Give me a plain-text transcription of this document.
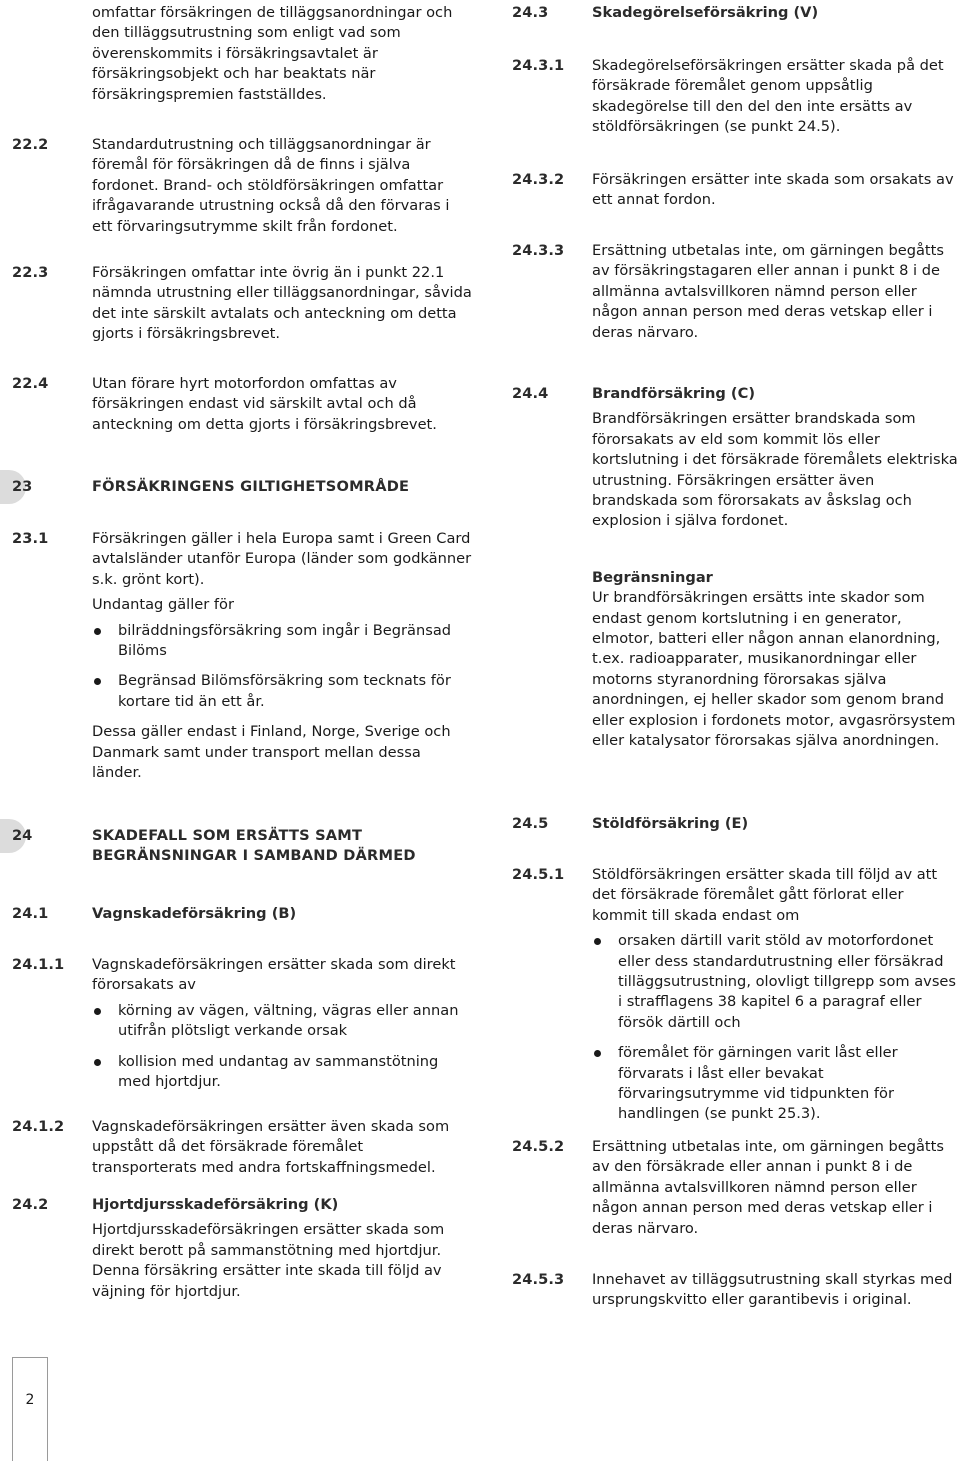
omfattar försäkringen de tilläggsanordningar och den tilläggsutrustning som enligt vad som överenskommits i försäkringsavtalet är försäkringsobjekt och har beaktats när försäkringspremien fastställdes.

22.2	Standardutrustning och tilläggsanordningar är föremål för försäkringen då de finns i själva fordonet. Brand- och stöldförsäkringen omfattar ifrågavarande utrustning också då den förvaras i ett förvaringsutrymme skilt från fordonet.

22.3	Försäkringen omfattar inte övrig än i punkt 22.1 nämnda utrustning eller tilläggsanordningar, såvida det inte särskilt avtalats och anteckning om detta gjorts i försäkringsbrevet.

22.4	Utan förare hyrt motorfordon omfattas av försäkringen endast vid särskilt avtal och då anteckning om detta gjorts i försäkringsbrevet.

23	FÖRSÄKRINGENS GILTIGHETSOMRÅDE

23.1	Försäkringen gäller i hela Europa samt i Green Card avtalsländer utanför Europa (länder som godkänner s.k. grönt kort).

Undantag gäller för

bilräddningsförsäkring som ingår i Begränsad Bilöms
Begränsad Bilömsförsäkring som tecknats för kortare tid än ett år.

Dessa gäller endast i Finland, Norge, Sverige och Danmark samt under transport mellan dessa länder.

24	SKADEFALL SOM ERSÄTTS SAMT

BEGRÄNSNINGAR I SAMBAND DÄRMED

24.1	Vagnskadeförsäkring (B)

24.1.1 Vagnskadeförsäkringen ersätter skada som direkt förorsakats av

körning av vägen, vältning, vägras eller annan utifrån plötsligt verkande orsak
kollision med undantag av sammanstötning med hjortdjur.
24.1.2 Vagnskadeförsäkringen ersätter även skada som uppstått då det försäkrade föremålet transporterats med andra fortskaffningsmedel.

24.2	Hjortdjursskadeförsäkring (K)

Hjortdjursskadeförsäkringen ersätter skada som direkt berott på sammanstötning med hjortdjur. Denna försäkring ersätter inte skada till följd av väjning för hjortdjur.

24.3	Skadegörelseförsäkring (V)

24.3.1 Skadegörelseförsäkringen ersätter skada på det försäkrade föremålet genom uppsåtlig skadegörelse till den del den inte ersätts av stöldförsäkringen (se punkt 24.5).

24.3.2 Försäkringen ersätter inte skada som orsakats av ett annat fordon.

24.3.3 Ersättning utbetalas inte, om gärningen begåtts av försäkringstagaren eller annan i punkt 8 i de allmänna avtalsvillkoren nämnd person eller någon annan person med deras vetskap eller i deras närvaro.

24.4	Brandförsäkring (C)

Brandförsäkringen ersätter brandskada som förorsakats av eld som kommit lös eller kortslutning i det försäkrade föremålets elektriska utrustning. Försäkringen ersätter även brandskada som förorsakats av åskslag och explosion i själva fordonet.

Begränsningar

Ur brandförsäkringen ersätts inte skador som endast genom kortslutning i en generator, elmotor, batteri eller någon annan elanordning, t.ex. radioapparater, musikanordningar eller motorns styranordning förorsakas själva anordningen, ej heller skador som genom brand eller explosion i fordonets motor, avgasrörsystem eller katalysator förorsakas själva anordningen.

24.5	Stöldförsäkring (E)

24.5.1 Stöldförsäkringen ersätter skada till följd av att det försäkrade föremålet gått förlorat eller kommit till skada endast om

orsaken därtill varit stöld av motorfordonet eller dess standardutrustning eller försäkrad tilläggsutrustning, olovligt tillgrepp som avses i strafflagens 38 kapitel 6 a paragraf eller försök därtill och
föremålet för gärningen varit låst eller förvarats i låst eller bevakat förvaringsutrymme vid tidpunkten för handlingen (se punkt 25.3).
24.5.2 Ersättning utbetalas inte, om gärningen begåtts av den försäkrade eller annan i punkt 8 i de allmänna avtalsvillkoren nämnd person eller någon annan person med deras vetskap eller i deras närvaro.

24.5.3 Innehavet av tilläggsutrustning skall styrkas med ursprungskvitto eller garantibevis i original.

2
